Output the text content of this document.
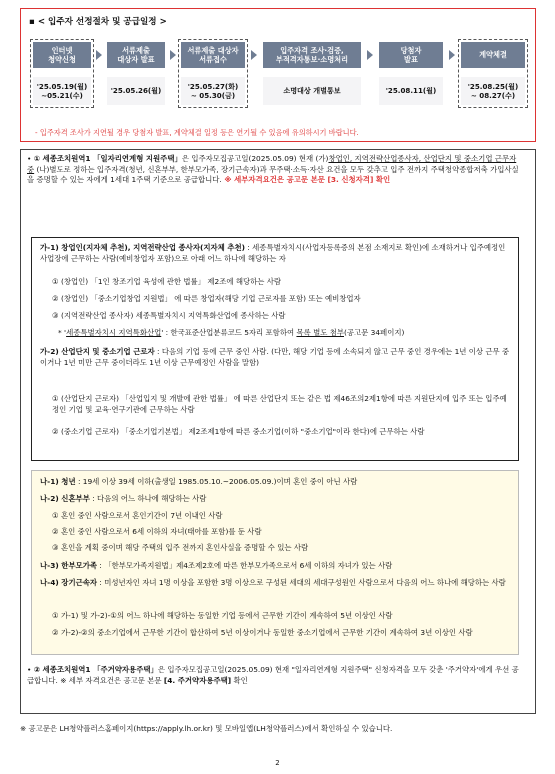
▪ < 입주자 선정절차 및 공급일정 >
인터넷
청약신청
'25.05.19(월)
~05.21(수)
서류제출
대상자 발표
'25.05.26(월)
서류제출 대상자
서류접수
'25.05.27(화)
~ 05.30(금)
입주자격 조사·검증,
부적격자통보·소명처리
소명대상 개별통보
당첨자
발표
'25.08.11(월)
계약체결
'25.08.25(월)
~ 08.27(수)
- 입주자격 조사가 지연될 경우 당첨자 발표, 계약체결 일정 등은 연기될 수 있음에 유의하시기 바랍니다.
• ① 세종조치원역1 「일자리연계형 지원주택」은 입주자모집공고일(2025.05.09) 현재 (가)창업인, 지역전략산업종사자, 산업단지 및 중소기업 근무자 중 (나)별도로 정하는 입주자격(청년, 신혼부부, 한부모가족, 장기근속자)과 무주택·소득·자산 요건을 모두 갖추고 입주 전까지 주택청약종합저축 가입사실을 증명할 수 있는 자에게 1세대 1주택 기준으로 공급합니다. ※ 세부자격요건은 공고문 본문 [3. 신청자격] 확인
가-1) 창업인(지자체 추천), 지역전략산업 종사자(지자체 추천) : 세종특별자치시(사업자등록증의 본점 소재지로 확인)에 소재하거나 입주예정인 사업장에 근무하는 사람(예비창업자 포함)으로 아래 어느 하나에 해당하는 자
① (창업인) 「1인 창조기업 육성에 관한 법률」 제2조에 해당하는 사람
② (창업인) 「중소기업창업 지원법」 에 따른 창업자(해당 기업 근로자를 포함) 또는 예비창업자
③ (지역전략산업 종사자) 세종특별자치시 지역특화산업에 종사하는 사람
* '세종특별자치시 지역특화산업' : 한국표준산업분류코드 5자리 포함하여 목록 별도 첨부(공고문 34페이지)
가-2) 산업단지 및 중소기업 근로자 : 다음의 기업 등에 근무 중인 사람. (다만, 해당 기업 등에 소속되지 않고 근무 중인 경우에는 1년 이상 근무 중이거나 1년 미만 근무 중이더라도 1년 이상 근무예정인 사람을 말함)
① (산업단지 근로자) 「산업입지 및 개발에 관한 법률」 에 따른 산업단지 또는 같은 법 제46조의2제1항에 따른 지원단지에 입주 또는 입주예정인 기업 및 교육·연구기관에 근무하는 사람
② (중소기업 근로자) 「중소기업기본법」 제2조제1항에 따른 중소기업(이하 "중소기업"이라 한다)에 근무하는 사람
나-1) 청년 : 19세 이상 39세 이하(출생일 1985.05.10.~2006.05.09.)이며 혼인 중이 아닌 사람
나-2) 신혼부부 : 다음의 어느 하나에 해당하는 사람
① 혼인 중인 사람으로서 혼인기간이 7년 이내인 사람
② 혼인 중인 사람으로서 6세 이하의 자녀(태아를 포함)를 둔 사람
③ 혼인을 계획 중이며 해당 주택의 입주 전까지 혼인사실을 증명할 수 있는 사람
나-3) 한부모가족 : 「한부모가족지원법」제4조제2호에 따른 한부모가족으로서 6세 이하의 자녀가 있는 사람
나-4) 장기근속자 : 미성년자인 자녀 1명 이상을 포함한 3명 이상으로 구성된 세대의 세대구성원인 사람으로서 다음의 어느 하나에 해당하는 사람
① 가-1) 및 가-2)-①의 어느 하나에 해당하는 동일한 기업 등에서 근무한 기간이 계속하여 5년 이상인 사람
② 가-2)-②의 중소기업에서 근무한 기간이 합산하여 5년 이상이거나 동일한 중소기업에서 근무한 기간이 계속하여 3년 이상인 사람
• ② 세종조치원역1 「주거약자용주택」은 입주자모집공고일(2025.05.09) 현재 "일자리연계형 지원주택" 신청자격을 모두 갖춘 '주거약자'에게 우선 공급합니다. ※ 세부 자격요건은 공고문 본문 [4. 주거약자용주택] 확인
※ 공고문은 LH청약플러스홈페이지(https://apply.lh.or.kr) 및 모바일앱(LH청약플러스)에서 확인하실 수 있습니다.
2
